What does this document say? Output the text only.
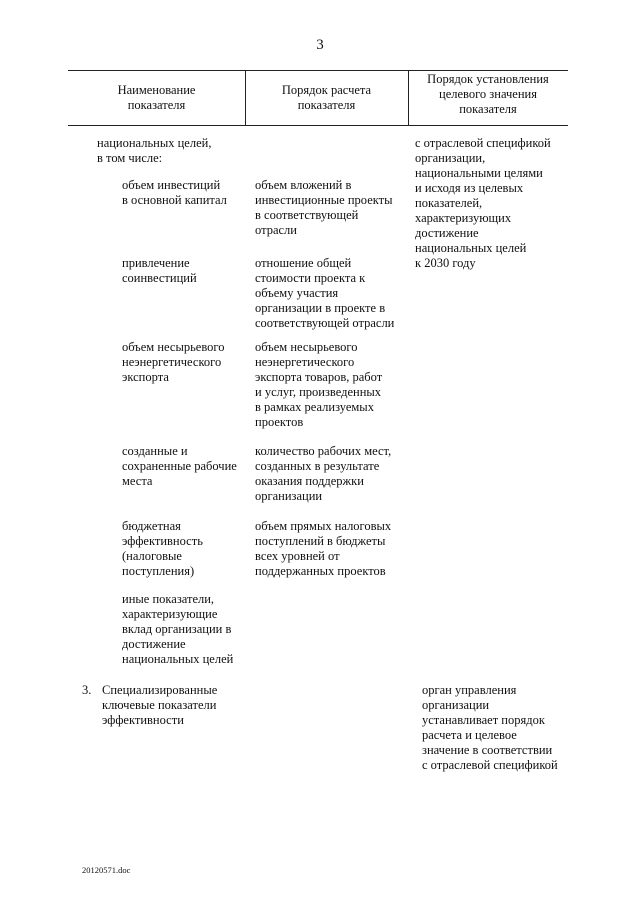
3
Наименование
показателя
Порядок расчета
показателя
Порядок установления
целевого значения
показателя
национальных целей,
в том числе:
объем инвестиций
в основной капитал
привлечение
соинвестиций
объем несырьевого
неэнергетического
экспорта
созданные и
сохраненные рабочие
места
бюджетная
эффективность
(налоговые
поступления)
иные показатели,
характеризующие
вклад организации в
достижение
национальных целей
объем вложений в
инвестиционные проекты
в соответствующей
отрасли
отношение общей
стоимости проекта к
объему участия
организации в проекте в
соответствующей отрасли
объем несырьевого
неэнергетического
экспорта товаров, работ
и услуг, произведенных
в рамках реализуемых
проектов
количество рабочих мест,
созданных в результате
оказания поддержки
организации
объем прямых налоговых
поступлений в бюджеты
всех уровней от
поддержанных проектов
с отраслевой спецификой
организации,
национальными целями
и исходя из целевых
показателей,
характеризующих
достижение
национальных целей
к 2030 году
3. Специализированные
ключевые показатели
эффективности
орган управления
организации
устанавливает порядок
расчета и целевое
значение в соответствии
с отраслевой спецификой
20120571.doc
